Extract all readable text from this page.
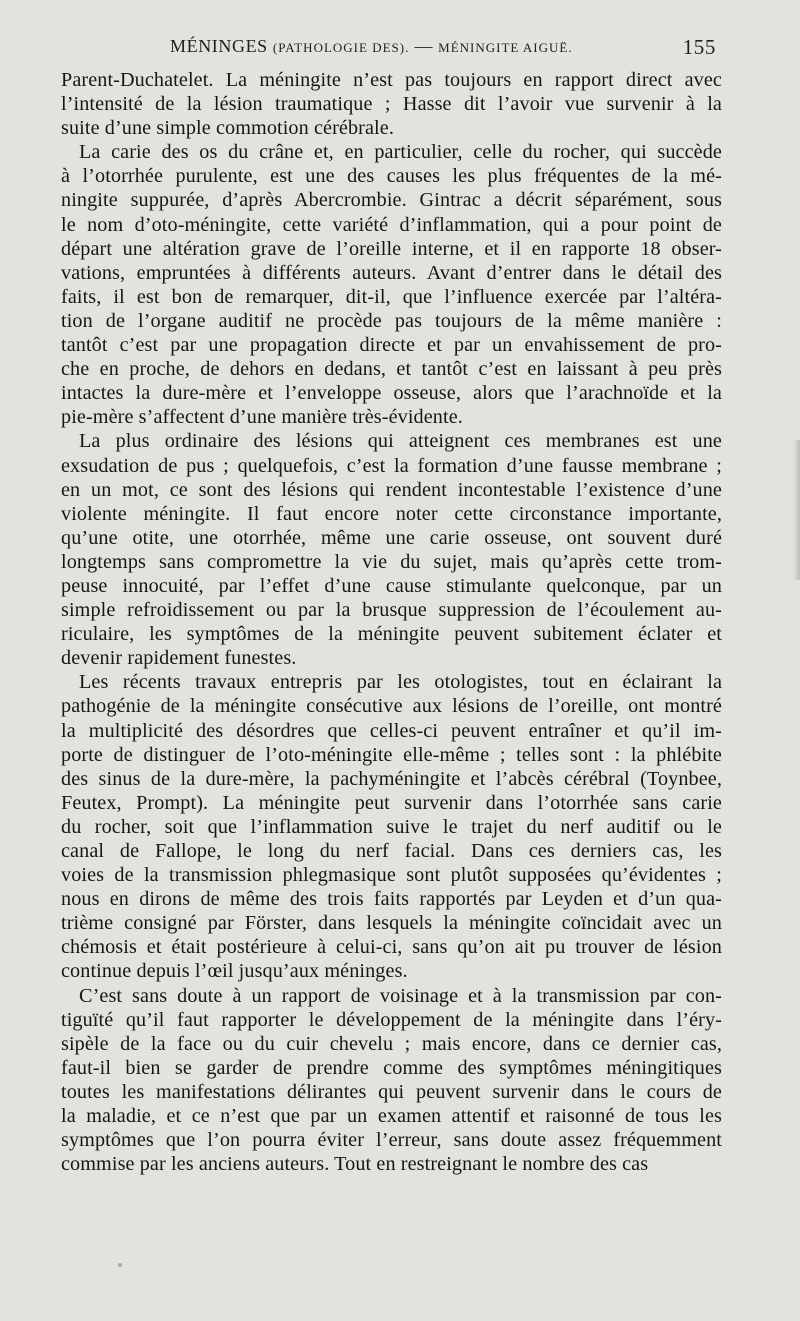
MÉNINGES (PATHOLOGIE DES). — MÉNINGITE AIGUË.	155
Parent-Duchatelet. La méningite n’est pas toujours en rapport direct avec
l’intensité de la lésion traumatique ; Hasse dit l’avoir vue survenir à la
suite d’une simple commotion cérébrale.
La carie des os du crâne et, en particulier, celle du rocher, qui succède
à l’otorrhée purulente, est une des causes les plus fréquentes de la mé-
ningite suppurée, d’après Abercrombie. Gintrac a décrit séparément, sous
le nom d’oto-méningite, cette variété d’inflammation, qui a pour point de
départ une altération grave de l’oreille interne, et il en rapporte 18 obser-
vations, empruntées à différents auteurs. Avant d’entrer dans le détail des
faits, il est bon de remarquer, dit-il, que l’influence exercée par l’altéra-
tion de l’organe auditif ne procède pas toujours de la même manière :
tantôt c’est par une propagation directe et par un envahissement de pro-
che en proche, de dehors en dedans, et tantôt c’est en laissant à peu près
intactes la dure-mère et l’enveloppe osseuse, alors que l’arachnoïde et la
pie-mère s’affectent d’une manière très-évidente.
La plus ordinaire des lésions qui atteignent ces membranes est une
exsudation de pus ; quelquefois, c’est la formation d’une fausse membrane ;
en un mot, ce sont des lésions qui rendent incontestable l’existence d’une
violente méningite. Il faut encore noter cette circonstance importante,
qu’une otite, une otorrhée, même une carie osseuse, ont souvent duré
longtemps sans compromettre la vie du sujet, mais qu’après cette trom-
peuse innocuité, par l’effet d’une cause stimulante quelconque, par un
simple refroidissement ou par la brusque suppression de l’écoulement au-
riculaire, les symptômes de la méningite peuvent subitement éclater et
devenir rapidement funestes.
Les récents travaux entrepris par les otologistes, tout en éclairant la
pathogénie de la méningite consécutive aux lésions de l’oreille, ont montré
la multiplicité des désordres que celles-ci peuvent entraîner et qu’il im-
porte de distinguer de l’oto-méningite elle-même ; telles sont : la phlébite
des sinus de la dure-mère, la pachyméningite et l’abcès cérébral (Toynbee,
Feutex, Prompt). La méningite peut survenir dans l’otorrhée sans carie
du rocher, soit que l’inflammation suive le trajet du nerf auditif ou le
canal de Fallope, le long du nerf facial. Dans ces derniers cas, les
voies de la transmission phlegmasique sont plutôt supposées qu’évidentes ;
nous en dirons de même des trois faits rapportés par Leyden et d’un qua-
trième consigné par Förster, dans lesquels la méningite coïncidait avec un
chémosis et était postérieure à celui-ci, sans qu’on ait pu trouver de lésion
continue depuis l’œil jusqu’aux méninges.
C’est sans doute à un rapport de voisinage et à la transmission par con-
tiguïté qu’il faut rapporter le développement de la méningite dans l’éry-
sipèle de la face ou du cuir chevelu ; mais encore, dans ce dernier cas,
faut-il bien se garder de prendre comme des symptômes méningitiques
toutes les manifestations délirantes qui peuvent survenir dans le cours de
la maladie, et ce n’est que par un examen attentif et raisonné de tous les
symptômes que l’on pourra éviter l’erreur, sans doute assez fréquemment
commise par les anciens auteurs. Tout en restreignant le nombre des cas
